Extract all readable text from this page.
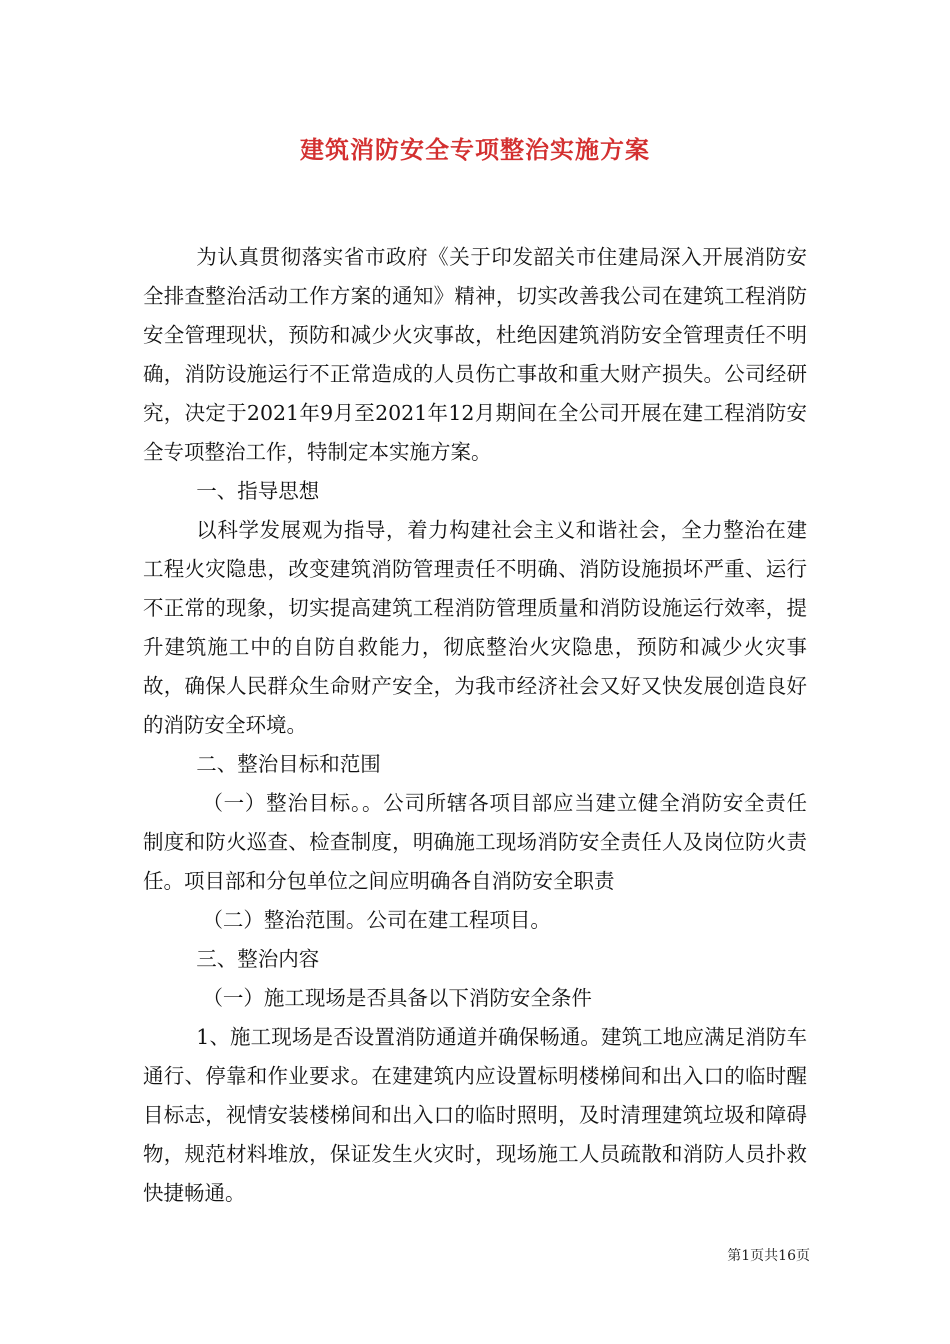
建筑消防安全专项整治实施方案

为认真贯彻落实省市政府《关于印发韶关市住建局深入开展消防安全排查整治活动工作方案的通知》精神，切实改善我公司在建筑工程消防安全管理现状，预防和减少火灾事故，杜绝因建筑消防安全管理责任不明确，消防设施运行不正常造成的人员伤亡事故和重大财产损失。公司经研究，决定于2021年9月至2021年12月期间在全公司开展在建工程消防安全专项整治工作，特制定本实施方案。

一、指导思想

以科学发展观为指导，着力构建社会主义和谐社会，全力整治在建工程火灾隐患，改变建筑消防管理责任不明确、消防设施损坏严重、运行不正常的现象，切实提高建筑工程消防管理质量和消防设施运行效率，提升建筑施工中的自防自救能力，彻底整治火灾隐患，预防和减少火灾事故，确保人民群众生命财产安全，为我市经济社会又好又快发展创造良好的消防安全环境。

二、整治目标和范围

（一）整治目标。。公司所辖各项目部应当建立健全消防安全责任制度和防火巡查、检查制度，明确施工现场消防安全责任人及岗位防火责任。项目部和分包单位之间应明确各自消防安全职责

（二）整治范围。公司在建工程项目。

三、整治内容

（一）施工现场是否具备以下消防安全条件

1、施工现场是否设置消防通道并确保畅通。建筑工地应满足消防车通行、停靠和作业要求。在建建筑内应设置标明楼梯间和出入口的临时醒目标志，视情安装楼梯间和出入口的临时照明，及时清理建筑垃圾和障碍物，规范材料堆放，保证发生火灾时，现场施工人员疏散和消防人员扑救快捷畅通。

第1页共16页
